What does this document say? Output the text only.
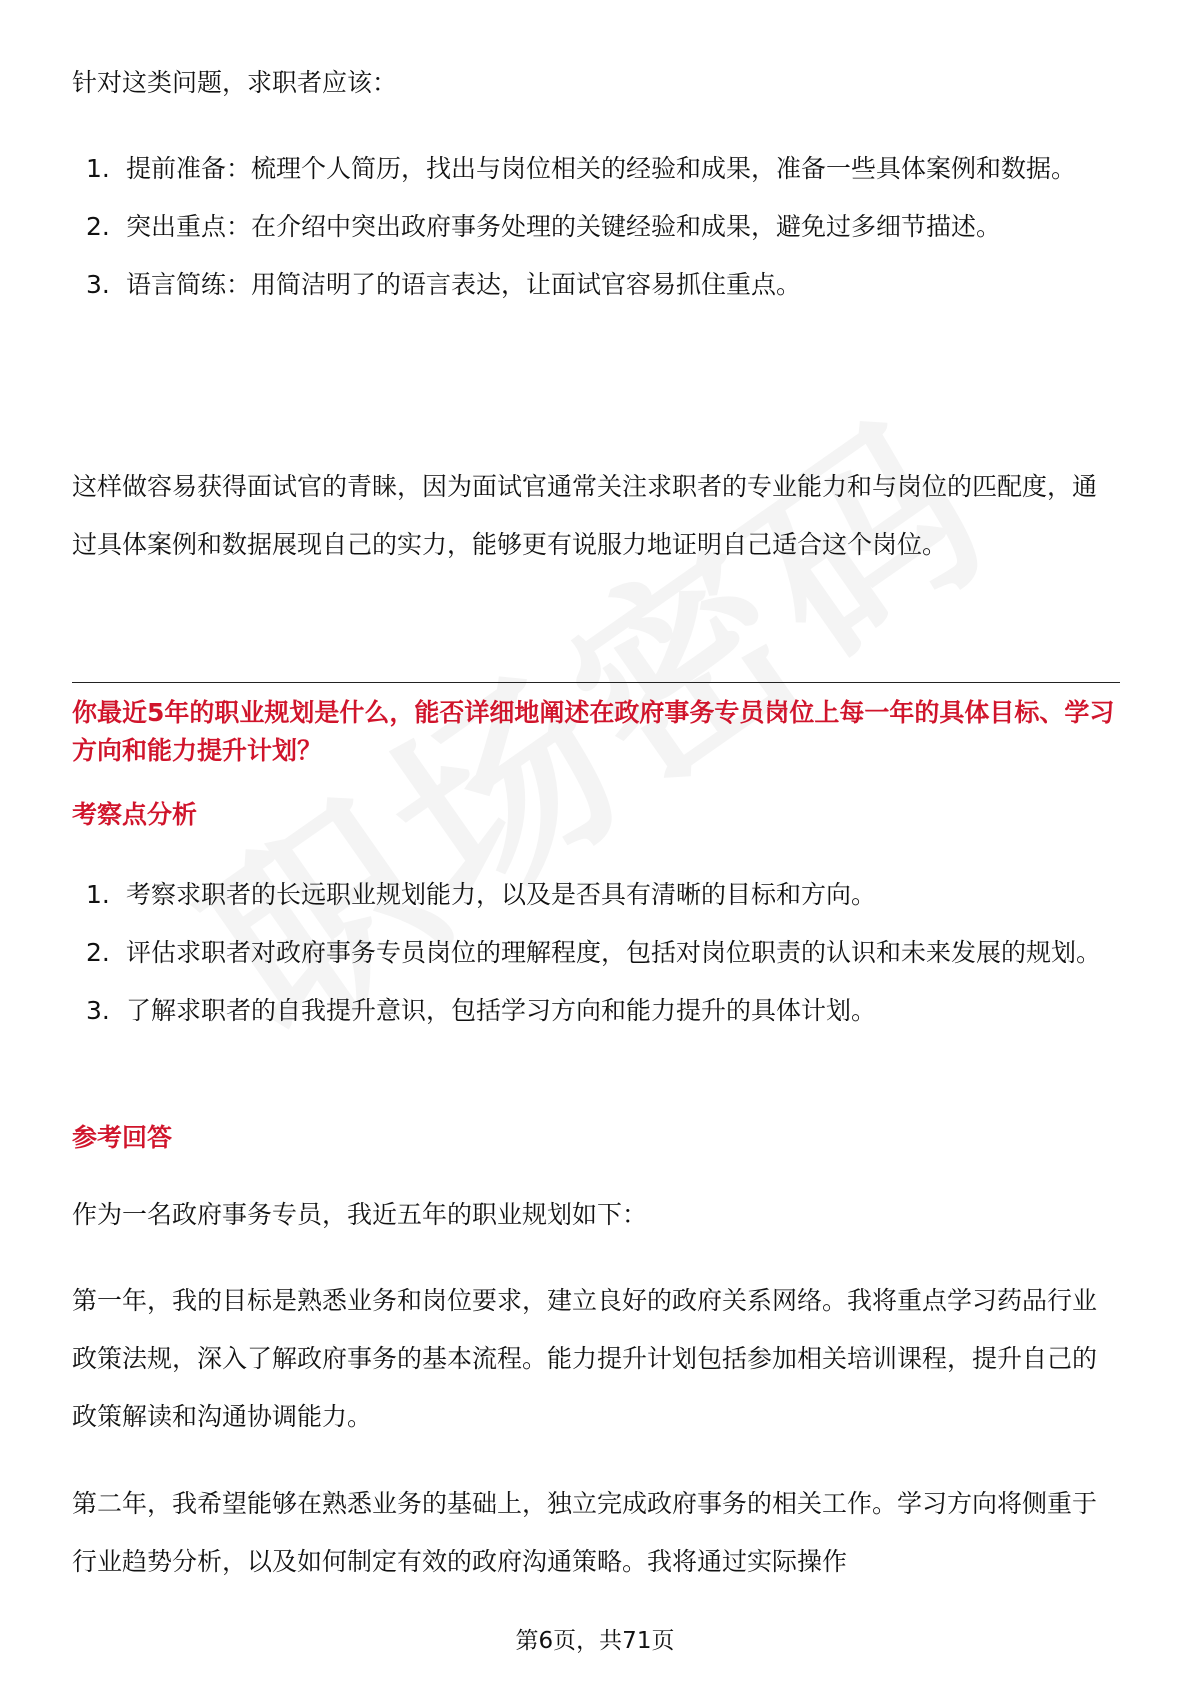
针对这类问题，求职者应该：

1. 提前准备：梳理个人简历，找出与岗位相关的经验和成果，准备一些具体案例和数据。
2. 突出重点：在介绍中突出政府事务处理的关键经验和成果，避免过多细节描述。
3. 语言简练：用简洁明了的语言表达，让面试官容易抓住重点。

这样做容易获得面试官的青睐，因为面试官通常关注求职者的专业能力和与岗位的匹配度，通过具体案例和数据展现自己的实力，能够更有说服力地证明自己适合这个岗位。

你最近5年的职业规划是什么，能否详细地阐述在政府事务专员岗位上每一年的具体目标、学习方向和能力提升计划？

考察点分析

1. 考察求职者的长远职业规划能力，以及是否具有清晰的目标和方向。
2. 评估求职者对政府事务专员岗位的理解程度，包括对岗位职责的认识和未来发展的规划。
3. 了解求职者的自我提升意识，包括学习方向和能力提升的具体计划。

参考回答

作为一名政府事务专员，我近五年的职业规划如下：

第一年，我的目标是熟悉业务和岗位要求，建立良好的政府关系网络。我将重点学习药品行业政策法规，深入了解政府事务的基本流程。能力提升计划包括参加相关培训课程，提升自己的政策解读和沟通协调能力。

第二年，我希望能够在熟悉业务的基础上，独立完成政府事务的相关工作。学习方向将侧重于行业趋势分析，以及如何制定有效的政府沟通策略。我将通过实际操作

第6页，共71页
